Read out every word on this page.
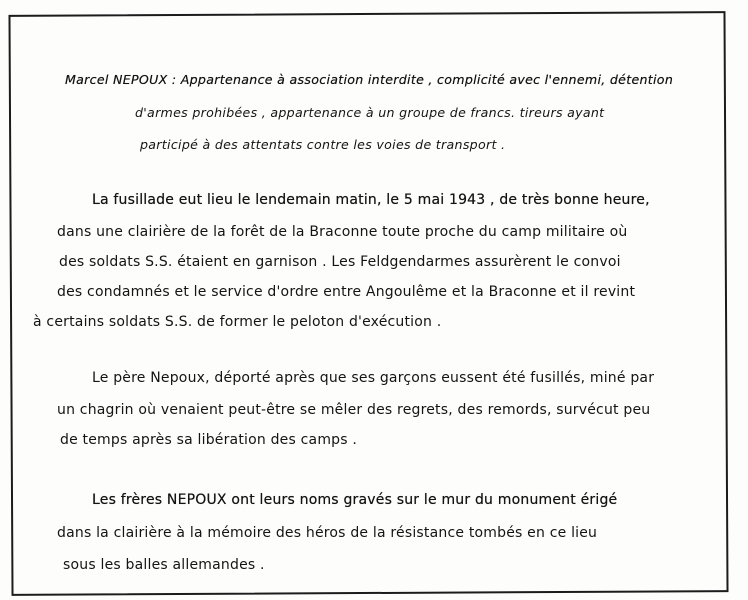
Marcel NEPOUX : Appartenance à association interdite , complicité avec l'ennemi, détention
d'armes prohibées , appartenance à un groupe de francs. tireurs ayant
participé à des attentats contre les voies de transport .
La fusillade eut lieu le lendemain matin, le 5 mai 1943 , de très bonne heure,
dans une clairière de la forêt de la Braconne toute proche du camp militaire où
des soldats S.S. étaient en garnison . Les Feldgendarmes assurèrent le convoi
des condamnés et le service d'ordre entre Angoulême et la Braconne et il revint
à certains soldats S.S. de former le peloton d'exécution .
Le père Nepoux, déporté après que ses garçons eussent été fusillés, miné par
un chagrin où venaient peut-être se mêler des regrets, des remords, survécut peu
de temps après sa libération des camps .
Les frères NEPOUX ont leurs noms gravés sur le mur du monument érigé
dans la clairière à la mémoire des héros de la résistance tombés en ce lieu
sous les balles allemandes .
